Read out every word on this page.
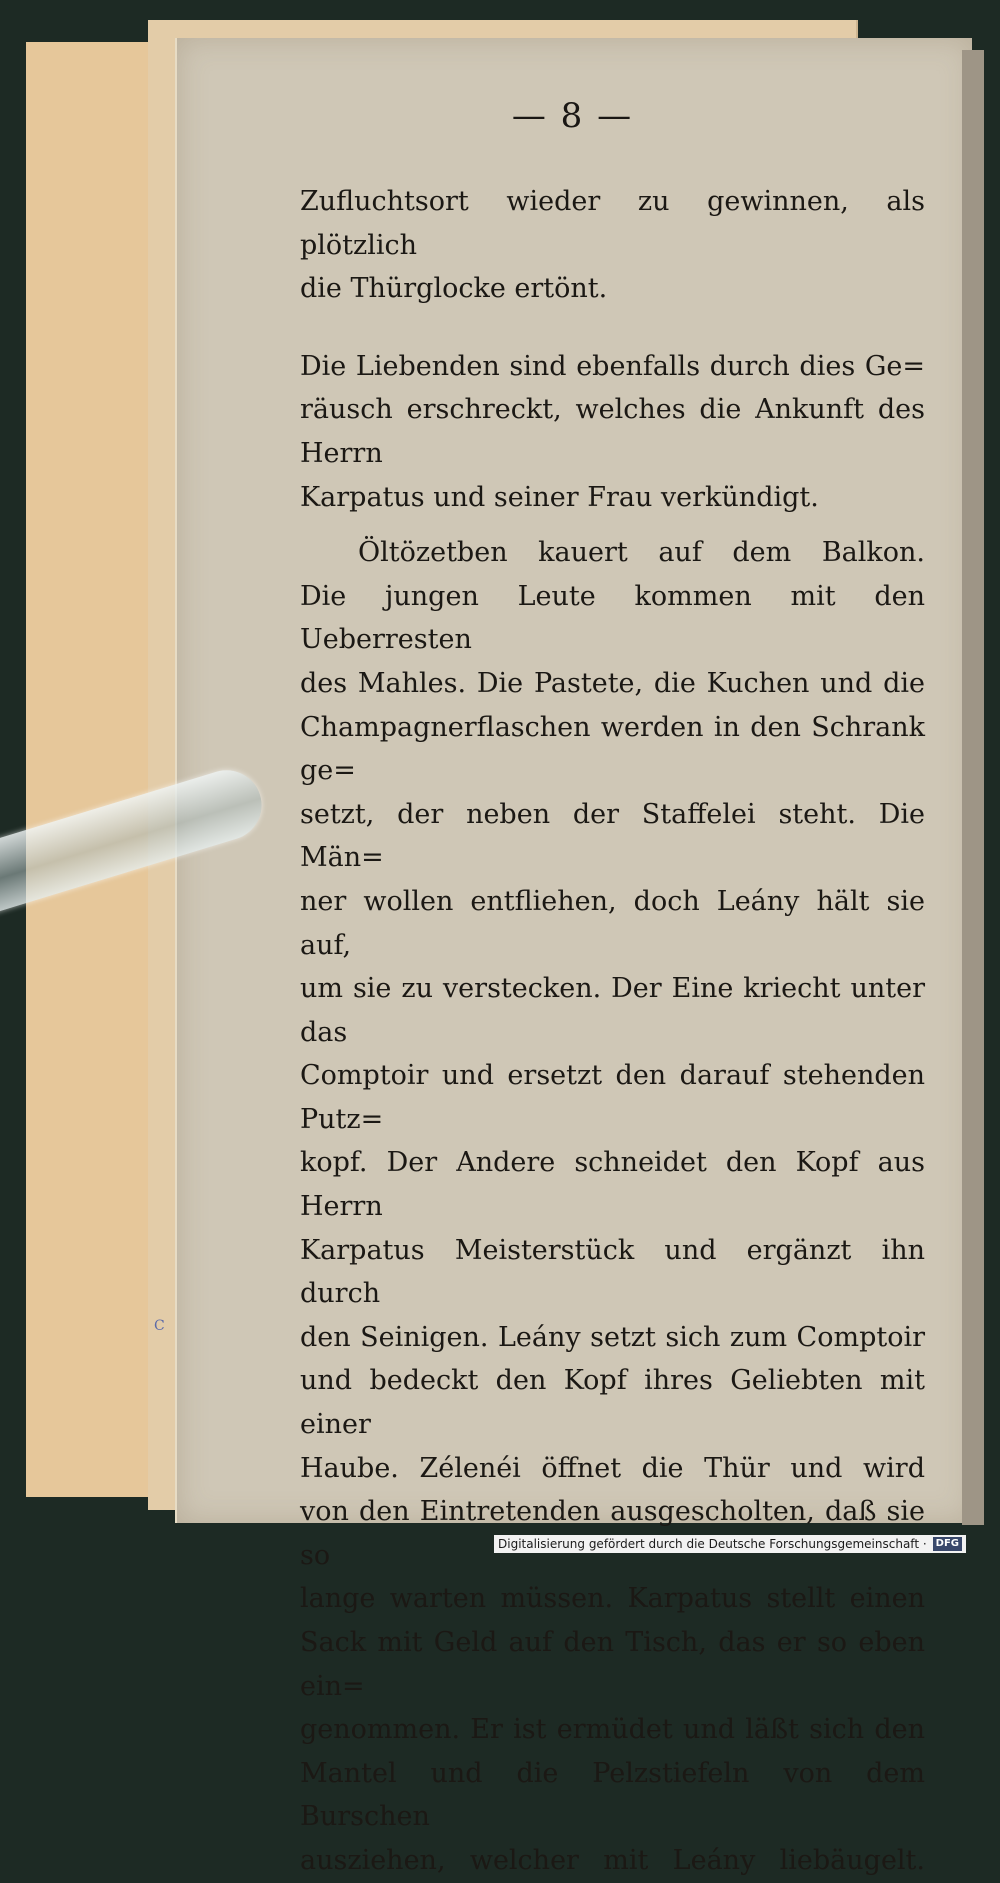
C
— 8 —

Zufluchtsort wieder zu gewinnen, als plötzlich

die Thürglocke ertönt.

Die Liebenden sind ebenfalls durch dies Ge=

räusch erschreckt, welches die Ankunft des Herrn

Karpatus und seiner Frau verkündigt.

Öltözetben kauert auf dem Balkon.

Die jungen Leute kommen mit den Ueberresten

des Mahles. Die Pastete, die Kuchen und die

Champagnerflaschen werden in den Schrank ge=

setzt, der neben der Staffelei steht. Die Män=

ner wollen entfliehen, doch Leány hält sie auf,

um sie zu verstecken. Der Eine kriecht unter das

Comptoir und ersetzt den darauf stehenden Putz=

kopf. Der Andere schneidet den Kopf aus Herrn

Karpatus Meisterstück und ergänzt ihn durch

den Seinigen. Leány setzt sich zum Comptoir

und bedeckt den Kopf ihres Geliebten mit einer

Haube. Zélenéi öffnet die Thür und wird

von den Eintretenden ausgescholten, daß sie so

lange warten müssen. Karpatus stellt einen

Sack mit Geld auf den Tisch, das er so eben ein=

genommen. Er ist ermüdet und läßt sich den

Mantel und die Pelzstiefeln von dem Burschen

ausziehen, welcher mit Leány liebäugelt.

Digitalisierung gefördert durch die Deutsche Forschungsgemeinschaft · DFG
